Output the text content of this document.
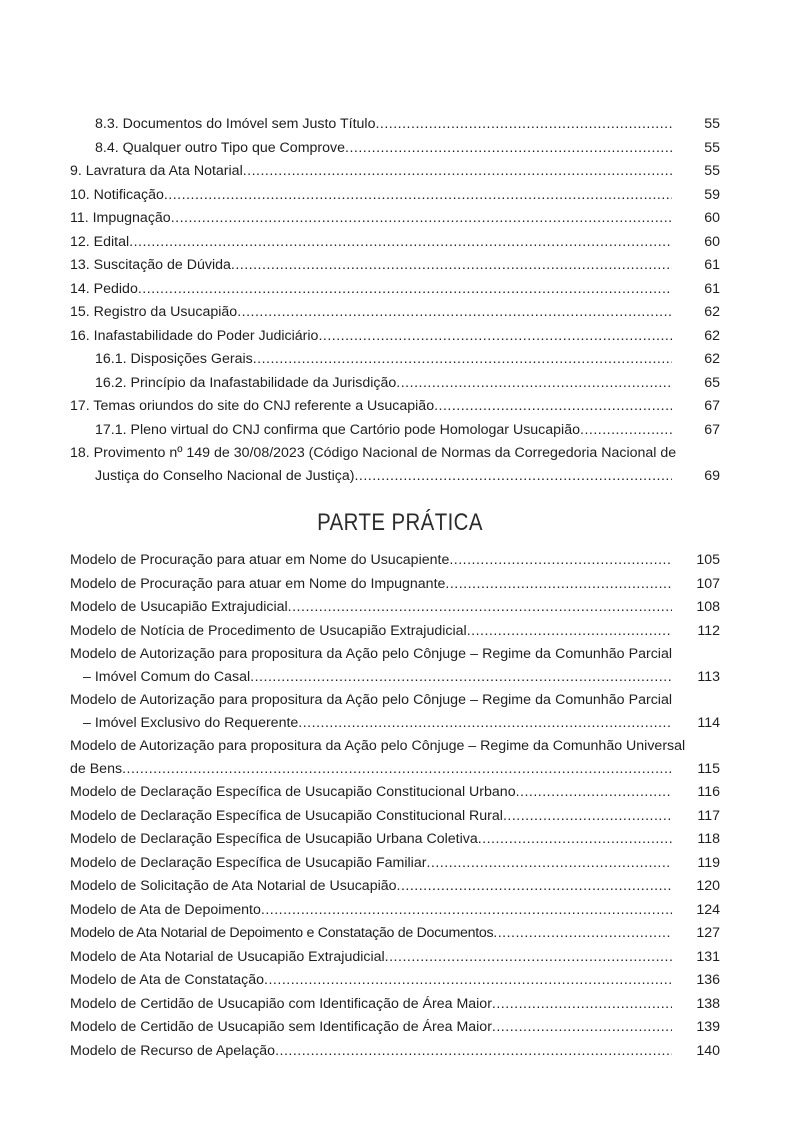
8.3. Documentos do Imóvel sem Justo Título .....	55
8.4. Qualquer outro Tipo que Comprove .....	55
9. Lavratura da Ata Notarial .....	55
10. Notificação .....	59
11. Impugnação .....	60
12. Edital .....	60
13. Suscitação de Dúvida .....	61
14. Pedido .....	61
15. Registro da Usucapião .....	62
16. Inafastabilidade do Poder Judiciário .....	62
16.1. Disposições Gerais .....	62
16.2. Princípio da Inafastabilidade da Jurisdição .....	65
17. Temas oriundos do site do CNJ referente a Usucapião .....	67
17.1. Pleno virtual do CNJ confirma que Cartório pode Homologar Usucapião .....	67
18. Provimento nº 149 de 30/08/2023 (Código Nacional de Normas da Corregedoria Nacional de
Justiça do Conselho Nacional de Justiça) .....	69
PARTE PRÁTICA
Modelo de Procuração para atuar em Nome do Usucapiente .....	105
Modelo de Procuração para atuar em Nome do Impugnante .....	107
Modelo de Usucapião Extrajudicial .....	108
Modelo de Notícia de Procedimento de Usucapião Extrajudicial .....	112
Modelo de Autorização para propositura da Ação pelo Cônjuge – Regime da Comunhão Parcial
– Imóvel Comum do Casal .....	113
Modelo de Autorização para propositura da Ação pelo Cônjuge – Regime da Comunhão Parcial
– Imóvel Exclusivo do Requerente .....	114
Modelo de Autorização para propositura da Ação pelo Cônjuge – Regime da Comunhão Universal
de Bens .....	115
Modelo de Declaração Específica de Usucapião Constitucional Urbano .....	116
Modelo de Declaração Específica de Usucapião Constitucional Rural .....	117
Modelo de Declaração Específica de Usucapião Urbana Coletiva .....	118
Modelo de Declaração Específica de Usucapião Familiar .....	119
Modelo de Solicitação de Ata Notarial de Usucapião .....	120
Modelo de Ata de Depoimento .....	124
Modelo de Ata Notarial de Depoimento e Constatação de Documentos .....	127
Modelo de Ata Notarial de Usucapião Extrajudicial .....	131
Modelo de Ata de Constatação .....	136
Modelo de Certidão de Usucapião com Identificação de Área Maior .....	138
Modelo de Certidão de Usucapião sem Identificação de Área Maior .....	139
Modelo de Recurso de Apelação .....	140
